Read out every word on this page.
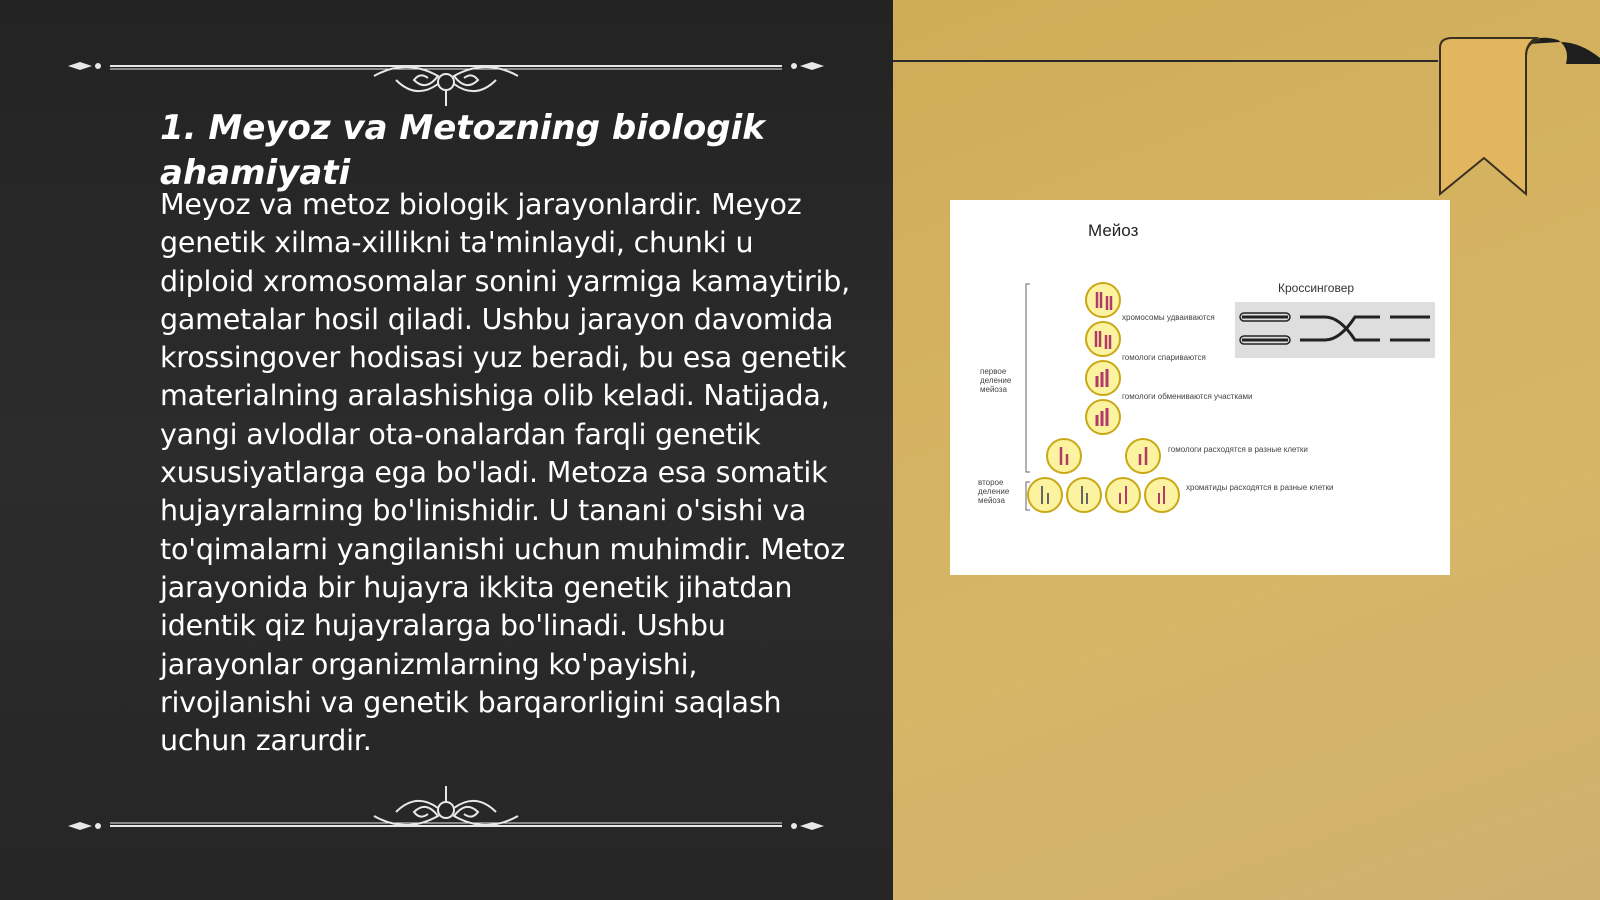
1. Meyoz va Metozning biologik ahamiyati

Meyoz va metoz biologik jarayonlardir. Meyoz genetik xilma-xillikni ta'minlaydi, chunki u diploid xromosomalar sonini yarmiga kamaytirib, gametalar hosil qiladi. Ushbu jarayon davomida krossingover hodisasi yuz beradi, bu esa genetik materialning aralashishiga olib keladi. Natijada, yangi avlodlar ota-onalardan farqli genetik xususiyatlarga ega bo'ladi. Metoza esa somatik hujayralarning bo'linishidir. U tanani o'sishi va to'qimalarni yangilanishi uchun muhimdir. Metoz jarayonida bir hujayra ikkita genetik jihatdan identik qiz hujayralarga bo'linadi. Ushbu jarayonlar organizmlarning ko'payishi, rivojlanishi va genetik barqarorligini saqlash uchun zarurdir.

Мейоз
Кроссинговер
первое деление мейоза
второе деление мейоза
хромосомы удваиваются
гомологи спариваются
гомологи обмениваются участками
гомологи расходятся в разные клетки
хроматиды расходятся в разные клетки
